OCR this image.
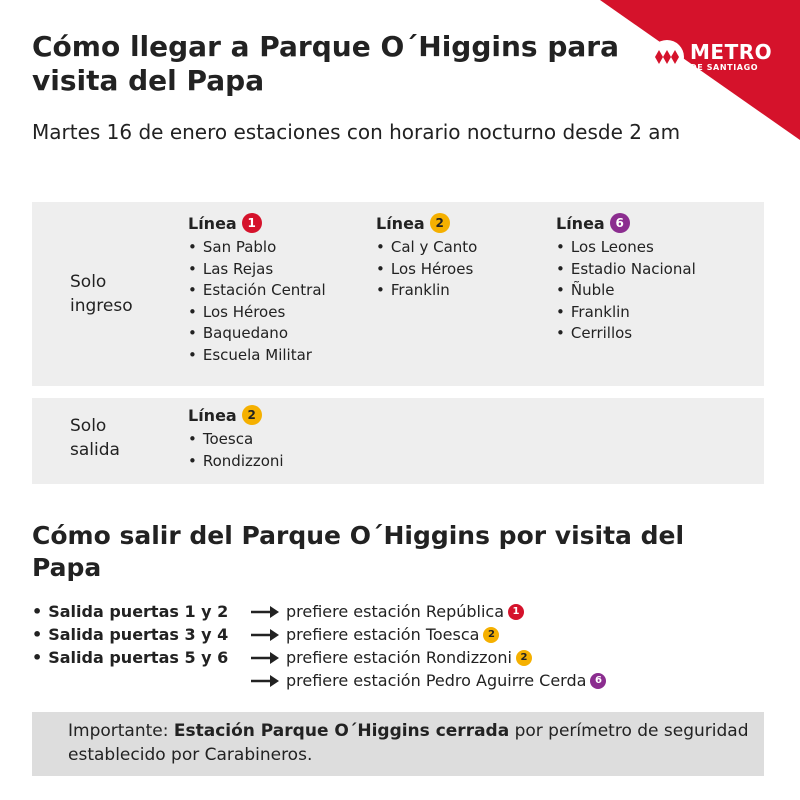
METRO
DE SANTIAGO
Cómo llegar a Parque O´Higgins para visita del Papa

Martes 16 de enero estaciones con horario nocturno desde 2 am

Solo ingreso
Línea 1
• San Pablo
• Las Rejas
• Estación Central
• Los Héroes
• Baquedano
• Escuela Militar
Línea 2
• Cal y Canto
• Los Héroes
• Franklin
Línea 6
• Los Leones
• Estadio Nacional
• Ñuble
• Franklin
• Cerrillos
Solo salida
Línea 2
• Toesca
• Rondizzoni
Cómo salir del Parque O´Higgins por visita del Papa
• Salida puertas 1 y 2	prefiere estación República 1
• Salida puertas 3 y 4	prefiere estación Toesca 2
• Salida puertas 5 y 6	prefiere estación Rondizzoni 2
prefiere estación Pedro Aguirre Cerda 6
Importante: Estación Parque O´Higgins cerrada por perímetro de seguridad establecido por Carabineros.
